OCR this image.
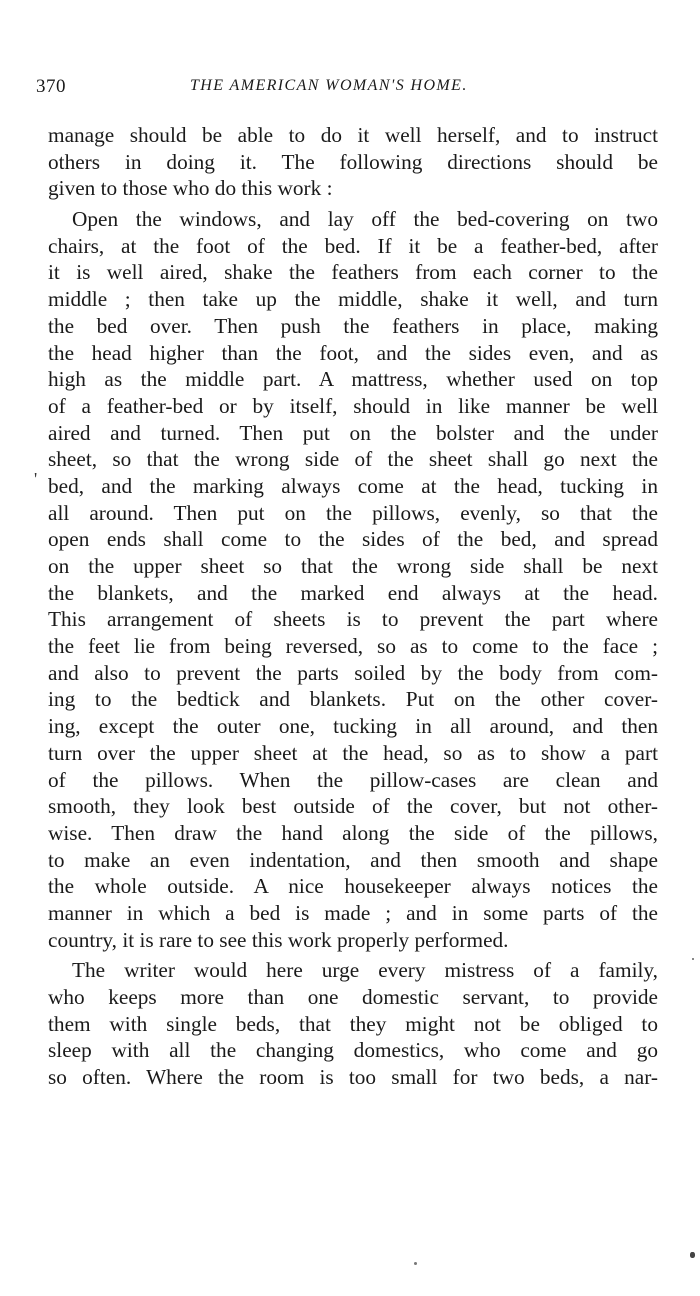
370	THE AMERICAN WOMAN'S HOME.
'
manage should be able to do it well herself, and to instruct
others in doing it. The following directions should be
given to those who do this work :
Open the windows, and lay off the bed-covering on two
chairs, at the foot of the bed. If it be a feather-bed, after
it is well aired, shake the feathers from each corner to the
middle ; then take up the middle, shake it well, and turn
the bed over. Then push the feathers in place, making
the head higher than the foot, and the sides even, and as
high as the middle part. A mattress, whether used on top
of a feather-bed or by itself, should in like manner be well
aired and turned. Then put on the bolster and the under
sheet, so that the wrong side of the sheet shall go next the
bed, and the marking always come at the head, tucking in
all around. Then put on the pillows, evenly, so that the
open ends shall come to the sides of the bed, and spread
on the upper sheet so that the wrong side shall be next
the blankets, and the marked end always at the head.
This arrangement of sheets is to prevent the part where
the feet lie from being reversed, so as to come to the face ;
and also to prevent the parts soiled by the body from com-
ing to the bedtick and blankets. Put on the other cover-
ing, except the outer one, tucking in all around, and then
turn over the upper sheet at the head, so as to show a part
of the pillows. When the pillow-cases are clean and
smooth, they look best outside of the cover, but not other-
wise. Then draw the hand along the side of the pillows,
to make an even indentation, and then smooth and shape
the whole outside. A nice housekeeper always notices the
manner in which a bed is made ; and in some parts of the
country, it is rare to see this work properly performed.
The writer would here urge every mistress of a family,
who keeps more than one domestic servant, to provide
them with single beds, that they might not be obliged to
sleep with all the changing domestics, who come and go
so often. Where the room is too small for two beds, a nar-
